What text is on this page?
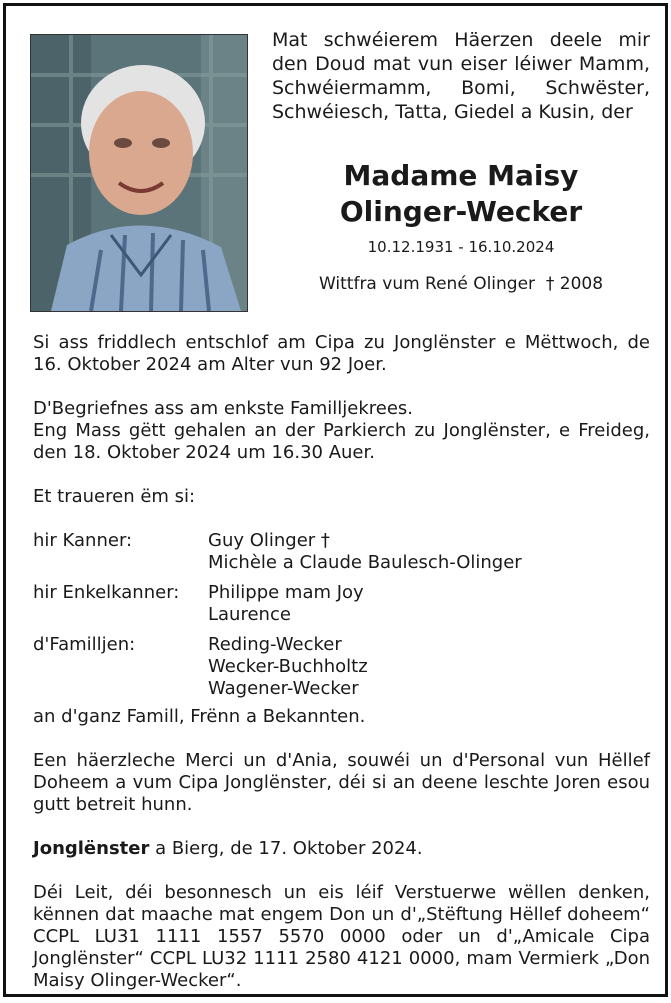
Mat schwéierem Häerzen deele mir den Doud mat vun eiser léiwer Mamm, Schwéiermamm, Bomi, Schwëster, Schwéiesch, Tatta, Giedel a Kusin, der
Madame Maisy
Olinger-Wecker
10.12.1931 - 16.10.2024
Wittfra vum René Olinger † 2008

Si ass friddlech entschlof am Cipa zu Jonglënster e Mëttwoch, de 16. Oktober 2024 am Alter vun 92 Joer.

D'Begriefnes ass am enkste Familljekrees.

Eng Mass gëtt gehalen an der Parkierch zu Jonglënster, e Freideg, den 18. Oktober 2024 um 16.30 Auer.

Et traueren ëm si:

hir Kanner:	Guy Olinger †
Michèle a Claude Baulesch-Olinger
hir Enkelkanner:	Philippe mam Joy
Laurence
d'Familljen:	Reding-Wecker
Wecker-Buchholtz
Wagener-Wecker

an d'ganz Famill, Frënn a Bekannten.

Een häerzleche Merci un d'Ania, souwéi un d'Personal vun Hëllef Doheem a vum Cipa Jonglënster, déi si an deene leschte Joren esou gutt betreit hunn.

Jonglënster a Bierg, de 17. Oktober 2024.

Déi Leit, déi besonnesch un eis léif Verstuerwe wëllen denken, kënnen dat maache mat engem Don un d'„Stëftung Hëllef doheem“ CCPL LU31 1111 1557 5570 0000 oder un d'„Amicale Cipa Jonglënster“ CCPL LU32 1111 2580 4121 0000, mam Vermierk „Don Maisy Olinger-Wecker“.
